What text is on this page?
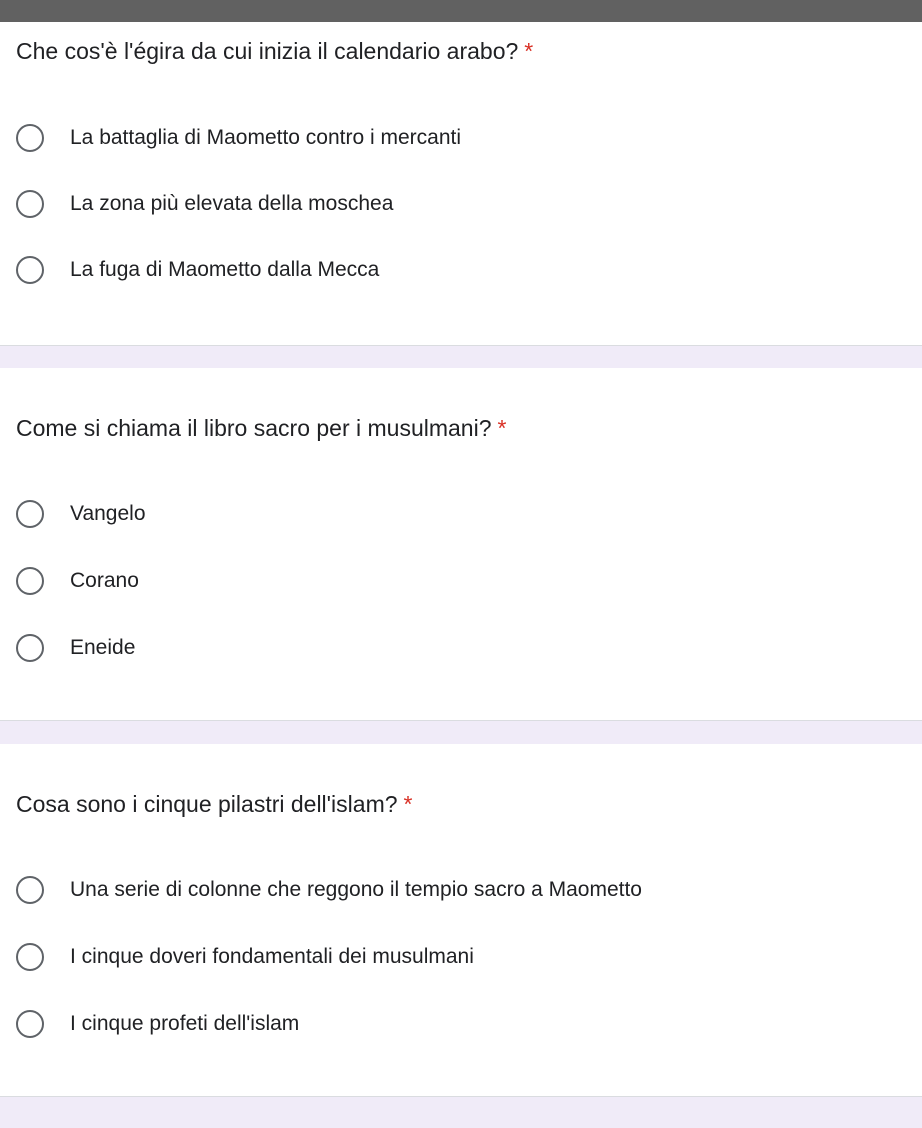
Che cos'è l'égira da cui inizia il calendario arabo? *
La battaglia di Maometto contro i mercanti
La zona più elevata della moschea
La fuga di Maometto dalla Mecca
Come si chiama il libro sacro per i musulmani? *
Vangelo
Corano
Eneide
Cosa sono i cinque pilastri dell'islam? *
Una serie di colonne che reggono il tempio sacro a Maometto
I cinque doveri fondamentali dei musulmani
I cinque profeti dell'islam
